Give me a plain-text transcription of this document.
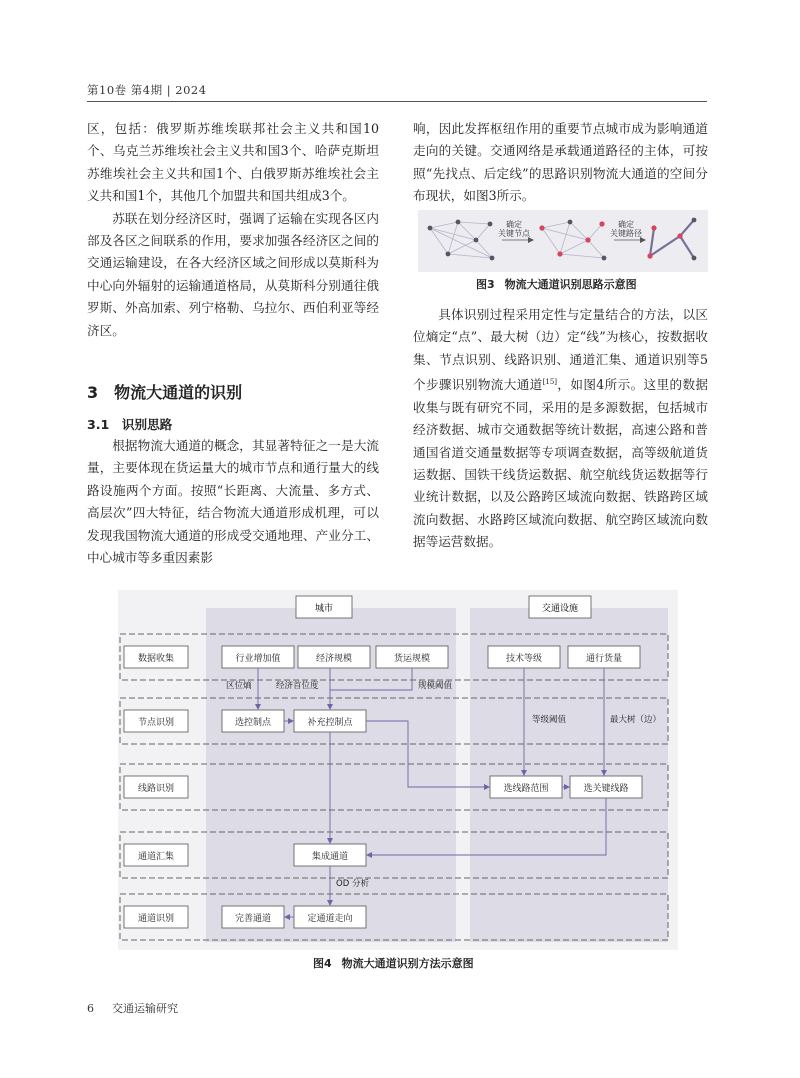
第10卷 第4期 | 2024

区，包括：俄罗斯苏维埃联邦社会主义共和国10个、乌克兰苏维埃社会主义共和国3个、哈萨克斯坦苏维埃社会主义共和国1个、白俄罗斯苏维埃社会主义共和国1个，其他几个加盟共和国共组成3个。

苏联在划分经济区时，强调了运输在实现各区内部及各区之间联系的作用，要求加强各经济区之间的交通运输建设，在各大经济区域之间形成以莫斯科为中心向外辐射的运输通道格局，从莫斯科分别通往俄罗斯、外高加索、列宁格勒、乌拉尔、西伯利亚等经济区。

3　物流大通道的识别
3.1　识别思路

根据物流大通道的概念，其显著特征之一是大流量，主要体现在货运量大的城市节点和通行量大的线路设施两个方面。按照“长距离、大流量、多方式、高层次”四大特征，结合物流大通道形成机理，可以发现我国物流大通道的形成受交通地理、产业分工、中心城市等多重因素影

响，因此发挥枢纽作用的重要节点城市成为影响通道走向的关键。交通网络是承载通道路径的主体，可按照“先找点、后定线”的思路识别物流大通道的空间分布现状，如图3所示。

确定
关键节点
确定
关键路径
图3 物流大通道识别思路示意图

具体识别过程采用定性与定量结合的方法，以区位熵定“点”、最大树（边）定“线”为核心，按数据收集、节点识别、线路识别、通道汇集、通道识别等5个步骤识别物流大通道[15]，如图4所示。这里的数据收集与既有研究不同，采用的是多源数据，包括城市经济数据、城市交通数据等统计数据，高速公路和普通国省道交通量数据等专项调查数据，高等级航道货运数据、国铁干线货运数据、航空航线货运数据等行业统计数据，以及公路跨区域流向数据、铁路跨区域流向数据、水路跨区域流向数据、航空跨区域流向数据等运营数据。

城市	交通设施
数据收集
节点识别
线路识别
通道汇集
通道识别
行业增加值	经济规模	货运规模	技术等级	通行货量
选控制点	补充控制点
选线路范围	选关键线路
集成通道
完善通道	定通道走向
区位熵	经济首位度	规模阈值
等级阈值	最大树（边）
OD 分析
图4 物流大通道识别方法示意图
6 交通运输研究
